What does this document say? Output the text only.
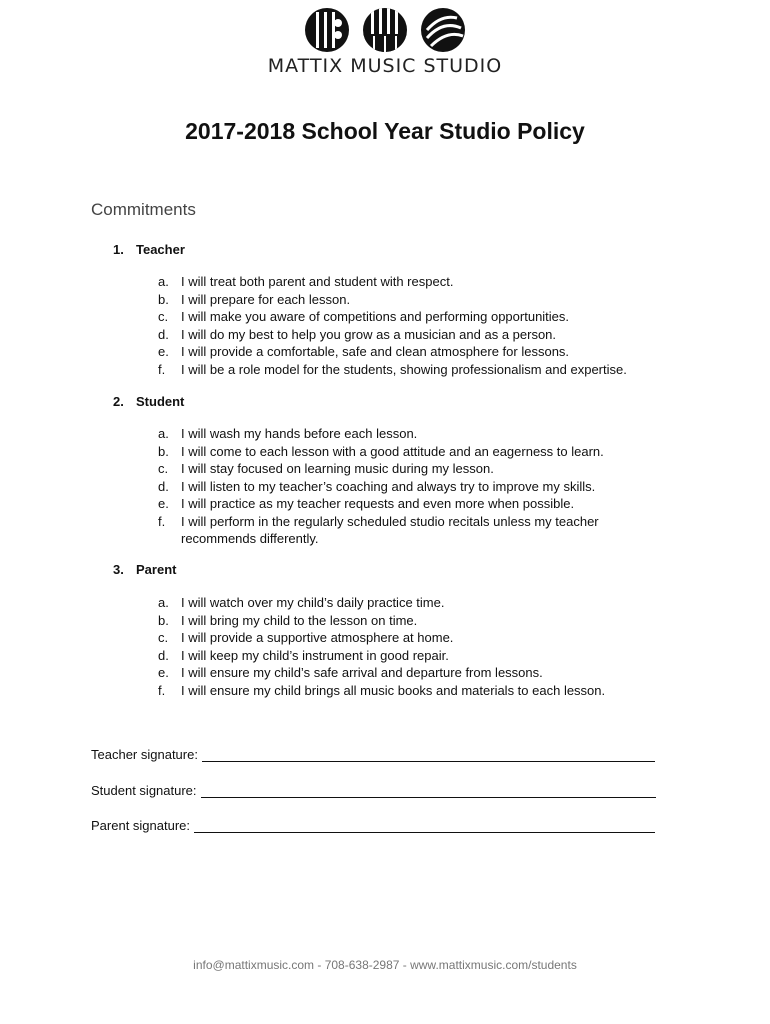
MATTIX MUSIC STUDIO
2017-2018 School Year Studio Policy
Commitments
1. Teacher
a. I will treat both parent and student with respect.
b. I will prepare for each lesson.
c. I will make you aware of competitions and performing opportunities.
d. I will do my best to help you grow as a musician and as a person.
e. I will provide a comfortable, safe and clean atmosphere for lessons.
f.	I will be a role model for the students, showing professionalism and expertise.
2. Student
a. I will wash my hands before each lesson.
b. I will come to each lesson with a good attitude and an eagerness to learn.
c. I will stay focused on learning music during my lesson.
d. I will listen to my teacher’s coaching and always try to improve my skills.
e. I will practice as my teacher requests and even more when possible.
f.	I will perform in the regularly scheduled studio recitals unless my teacher recommends differently.
3. Parent
a. I will watch over my child’s daily practice time.
b. I will bring my child to the lesson on time.
c. I will provide a supportive atmosphere at home.
d. I will keep my child’s instrument in good repair.
e. I will ensure my child’s safe arrival and departure from lessons.
f.	I will ensure my child brings all music books and materials to each lesson.
Teacher signature:
Student signature:
Parent signature:
info@mattixmusic.com - 708-638-2987 - www.mattixmusic.com/students
